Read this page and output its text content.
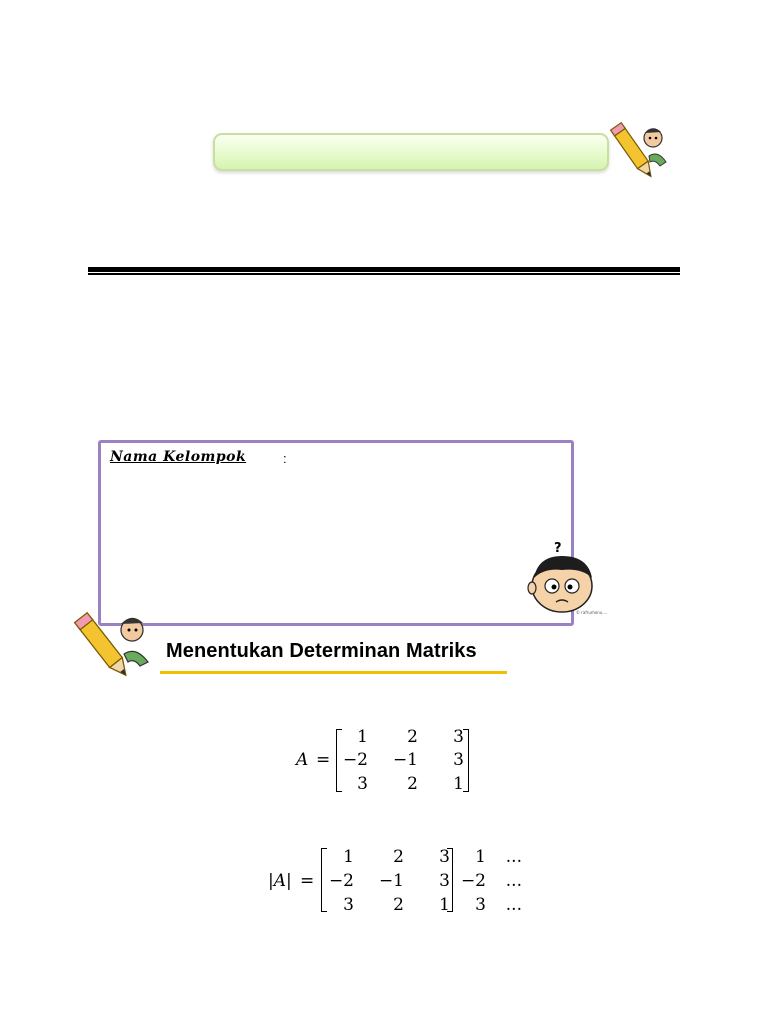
Nama Kelompok	:
?
© rafrumonu....
Menentukan Determinan Matriks
A =
1	2	3
−2	−1	3
3	2	1
|A| =
1	2	3	1	...
−2	−1	3 −2	...
3	2	1	3	...
